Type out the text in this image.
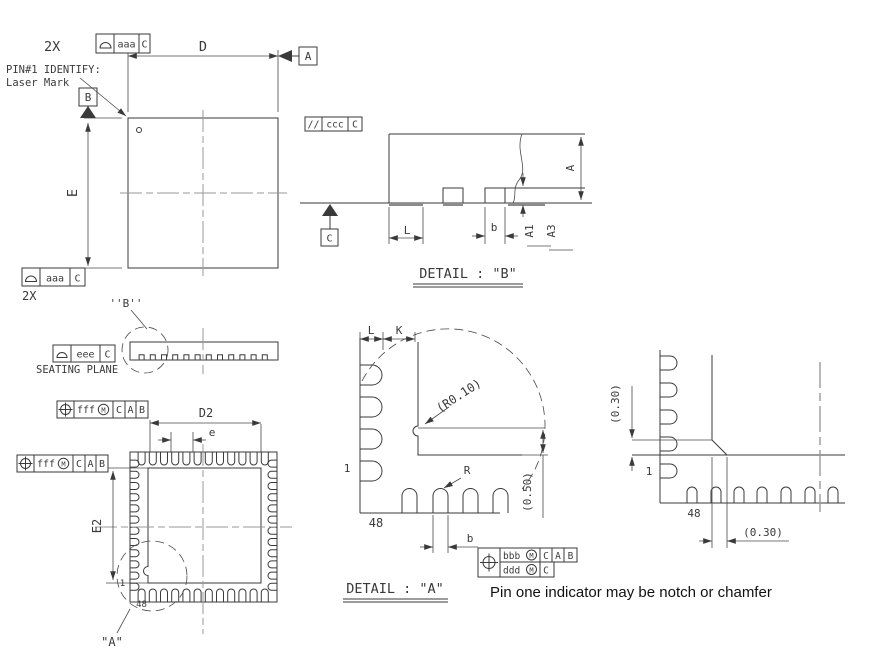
D
A
E
B
PIN#1 IDENTIFY:
Laser Mark
2X	aaa C
aaa C
2X
eee C
SEATING PLANE
''B''
fff M C A B	D2
e
fff M C A B
E2
"A"
1
48
L	b
A
A1 A3
C
// ccc C
DETAIL : "B"
L K
(R0.10)
(0.50)
R
b
bbb M C A B
ddd M C
1
48
DETAIL : "A"
(0.30)
(0.30)
1
48
Pin one indicator may be notch or chamfer
